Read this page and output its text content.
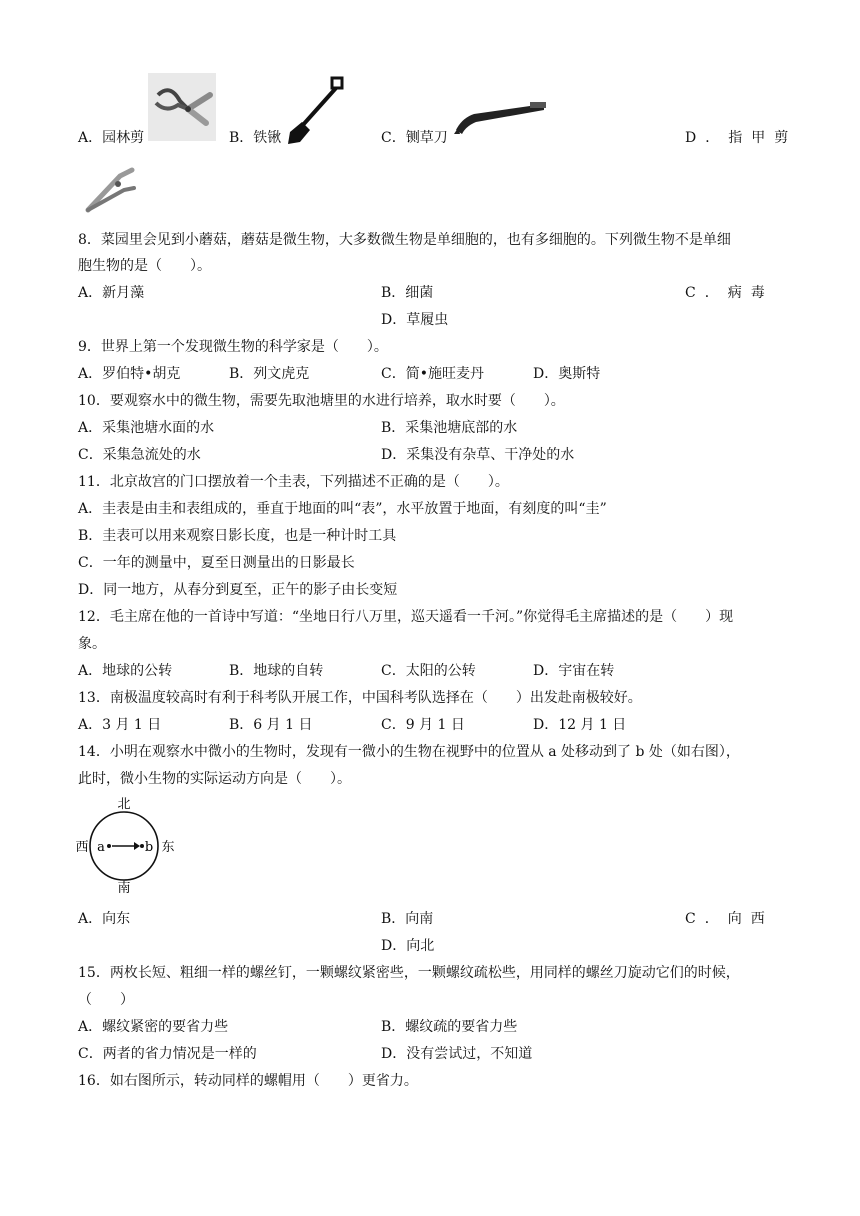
A．园林剪	B．铁锹	C．铡草刀	D．指甲剪
8．菜园里会见到小蘑菇，蘑菇是微生物，大多数微生物是单细胞的，也有多细胞的。下列微生物不是单细
胞生物的是（　　）。
A．新月藻	B．细菌	C．病毒
D．草履虫
9．世界上第一个发现微生物的科学家是（　　）。
A．罗伯特•胡克	B．列文虎克	C．简•施旺麦丹	D．奥斯特
10．要观察水中的微生物，需要先取池塘里的水进行培养，取水时要（　　）。
A．采集池塘水面的水	B．采集池塘底部的水
C．采集急流处的水	D．采集没有杂草、干净处的水
11．北京故宫的门口摆放着一个圭表，下列描述不正确的是（　　）。
A．圭表是由圭和表组成的，垂直于地面的叫“表”，水平放置于地面，有刻度的叫“圭”
B．圭表可以用来观察日影长度，也是一种计时工具
C．一年的测量中，夏至日测量出的日影最长
D．同一地方，从春分到夏至，正午的影子由长变短
12．毛主席在他的一首诗中写道：“坐地日行八万里，巡天遥看一千河。”你觉得毛主席描述的是（　　）现
象。
A．地球的公转	B．地球的自转	C．太阳的公转	D．宇宙在转
13．南极温度较高时有利于科考队开展工作，中国科考队选择在（　　）出发赴南极较好。
A．3 月 1 日	B．6 月 1 日	C．9 月 1 日	D．12 月 1 日
14．小明在观察水中微小的生物时，发现有一微小的生物在视野中的位置从 a 处移动到了 b 处（如右图），
此时，微小生物的实际运动方向是（　　）。
北
南
西	东
a	b
A．向东	B．向南	C．向西
D．向北
15．两枚长短、粗细一样的螺丝钉，一颗螺纹紧密些，一颗螺纹疏松些，用同样的螺丝刀旋动它们的时候，
（　　）
A．螺纹紧密的要省力些	B．螺纹疏的要省力些
C．两者的省力情况是一样的	D．没有尝试过，不知道
16．如右图所示，转动同样的螺帽用（　　）更省力。
